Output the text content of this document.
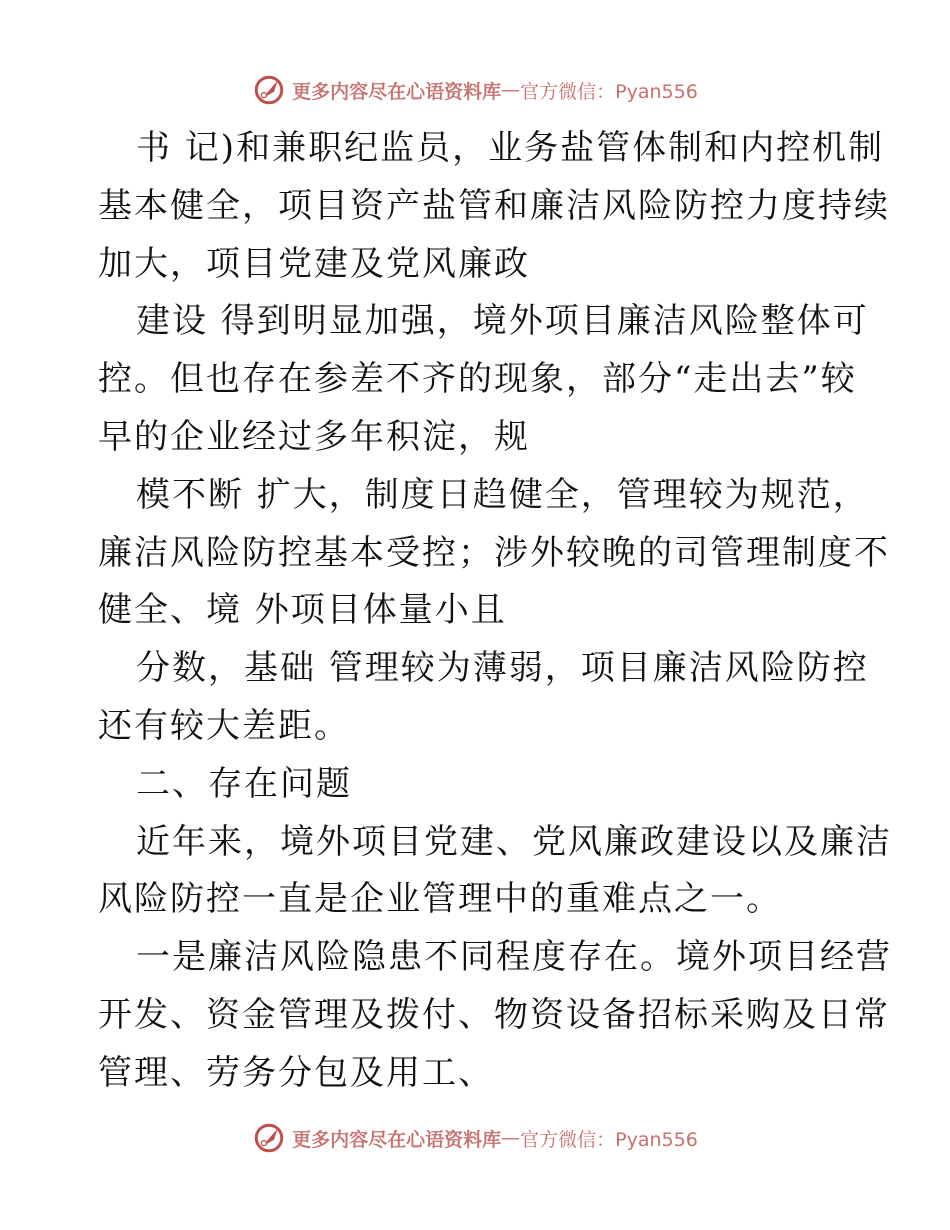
更多内容尽在心语资料库 — 官方微信：Pyan556
书 记)和兼职纪监员，业务盐管体制和内控机制
基本健全，项目资产盐管和廉洁风险防控力度持续
加大，项目党建及党风廉政
建设 得到明显加强，境外项目廉洁风险整体可
控。但也存在参差不齐的现象，部分“走出去”较
早的企业经过多年积淀，规
模不断 扩大，制度日趋健全，管理较为规范，
廉洁风险防控基本受控；涉外较晚的司管理制度不
健全、境 外项目体量小且
分数，基础 管理较为薄弱，项目廉洁风险防控
还有较大差距。
二、存在问题
近年来，境外项目党建、党风廉政建设以及廉洁
风险防控一直是企业管理中的重难点之一。
一是廉洁风险隐患不同程度存在。境外项目经营
开发、资金管理及拨付、物资设备招标采购及日常
管理、劳务分包及用工、
更多内容尽在心语资料库 — 官方微信：Pyan556
